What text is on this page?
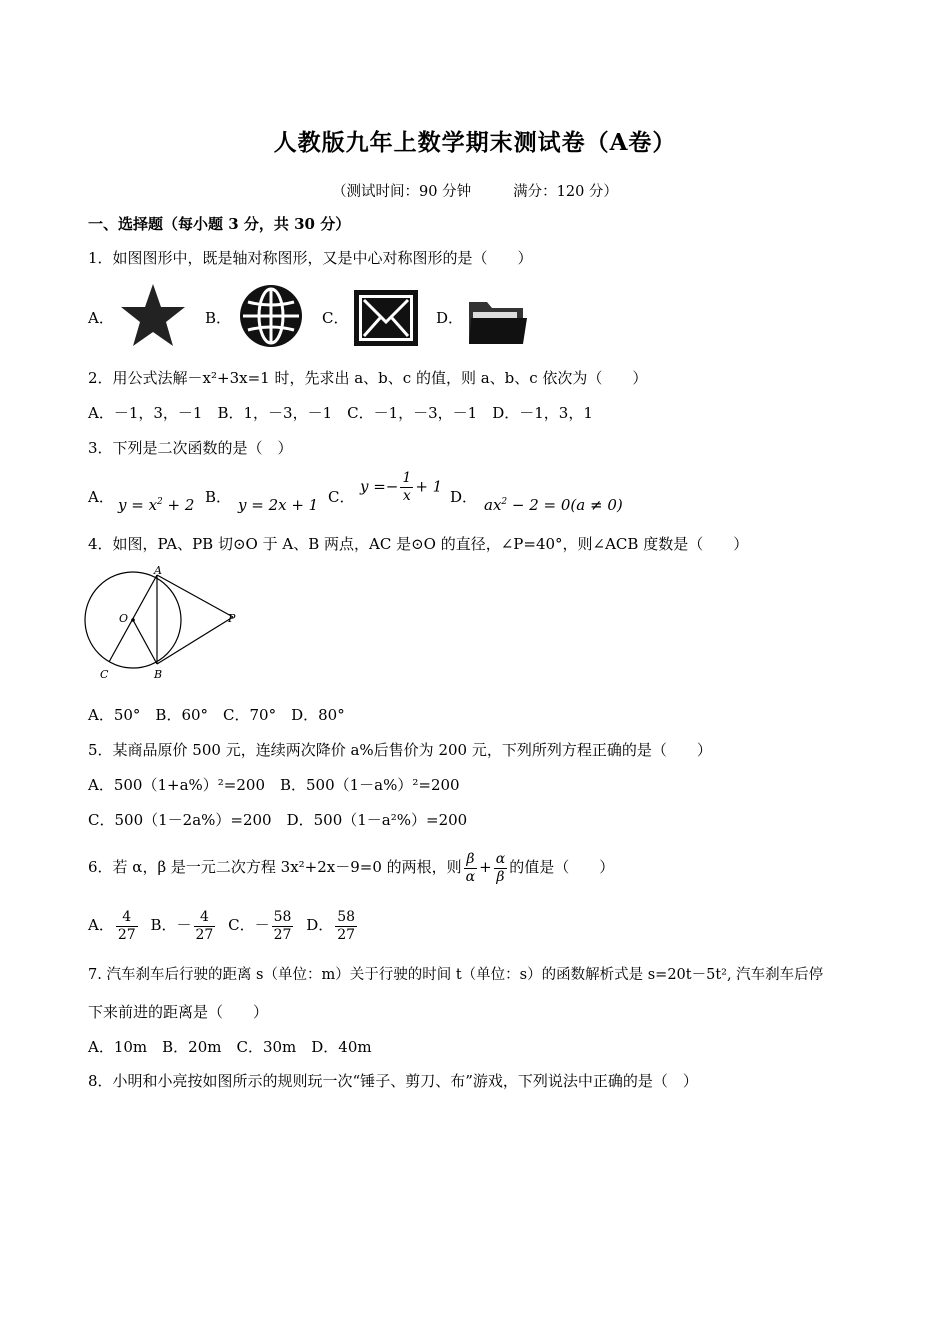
人教版九年上数学期末测试卷（A卷）
（测试时间：90 分钟	满分：120 分）
一、选择题（每小题 3 分，共 30 分）
1．如图图形中，既是轴对称图形，又是中心对称图形的是（　　）
A．	B．	C．	D．
2．用公式法解－x²+3x=1 时，先求出 a、b、c 的值，则 a、b、c 依次为（　　）
A．－1，3，－1　B．1，－3，－1　C．－1，－3，－1　D．－1，3，1
3．下列是二次函数的是（　）
A． $y = x^2 + 2$ B． y = 2x + 1 C．
$y =- \frac{1}{x} + 1$
D． $ax^2 - 2 = 0(a \ne 0)$
4．如图，PA、PB 切⊙O 于 A、B 两点，AC 是⊙O 的直径，∠P=40°，则∠ACB 度数是（　　）
A
B
C
O	P
A．50°　B．60°　C．70°　D．80°
5．某商品原价 500 元，连续两次降价 a%后售价为 200 元，下列所列方程正确的是（　　）
A．500（1+a%）²=200　B．500（1－a%）²=200
C．500（1－2a%）=200　D．500（1－a²%）=200
6．若 α，β 是一元二次方程 3x²+2x－9=0 的两根，则 $\frac{\beta}{\alpha} + \frac{\alpha}{\beta}$ 的值是（　　）
A． $\frac{4}{27}$ B．－ $\frac{4}{27}$ C．－ $\frac{58}{27}$ D． $\frac{58}{27}$
7. 汽车刹车后行驶的距离 s（单位：m）关于行驶的时间 t（单位：s）的函数解析式是 s=20t－5t², 汽车刹车后停
下来前进的距离是（　　）
A．10m　B．20m　C．30m　D．40m
8．小明和小亮按如图所示的规则玩一次“锤子、剪刀、布”游戏，下列说法中正确的是（　）
